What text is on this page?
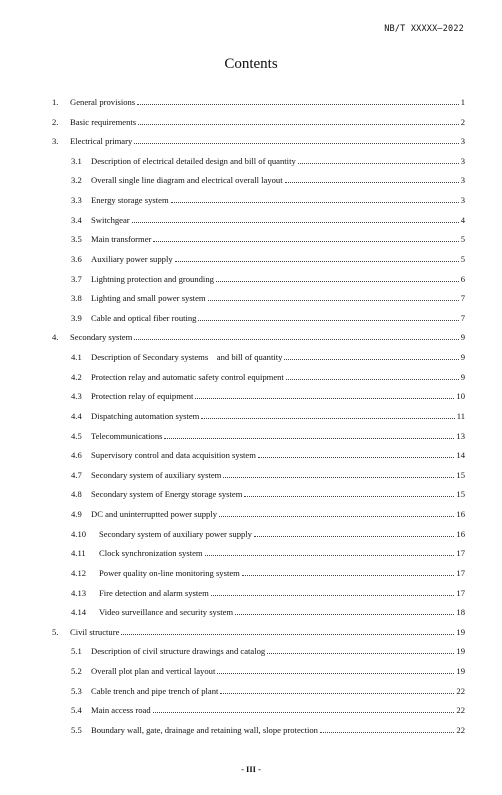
NB/T XXXXX—2022
Contents
1. General provisions	1
2. Basic requirements	2
3. Electrical primary	3
3.1 Description of electrical detailed design and bill of quantity	3
3.2 Overall single line diagram and electrical overall layout	3
3.3 Energy storage system	3
3.4 Switchgear	4
3.5 Main transformer	5
3.6 Auxiliary power supply	5
3.7 Lightning protection and grounding	6
3.8 Lighting and small power system	7
3.9 Cable and optical fiber routing	7
4. Secondary system	9
4.1 Description of Secondary systems    and bill of quantity	9
4.2 Protection relay and automatic safety control equipment	9
4.3 Protection relay of equipment	10
4.4 Dispatching automation system	11
4.5 Telecommunications	13
4.6 Supervisory control and data acquisition system	14
4.7 Secondary system of auxiliary system	15
4.8 Secondary system of Energy storage system	15
4.9 DC and uninterruptted power supply	16
4.10 Secondary system of auxiliary power supply	16
4.11 Clock synchronization system	17
4.12 Power quality on-line monitoring system	17
4.13 Fire detection and alarm system	17
4.14 Video surveillance and security system	18
5. Civil structure	19
5.1 Description of civil structure drawings and catalog	19
5.2 Overall plot plan and vertical layout	19
5.3 Cable trench and pipe trench of plant	22
5.4 Main access road	22
5.5 Boundary wall, gate, drainage and retaining wall, slope protection	22
- III -
